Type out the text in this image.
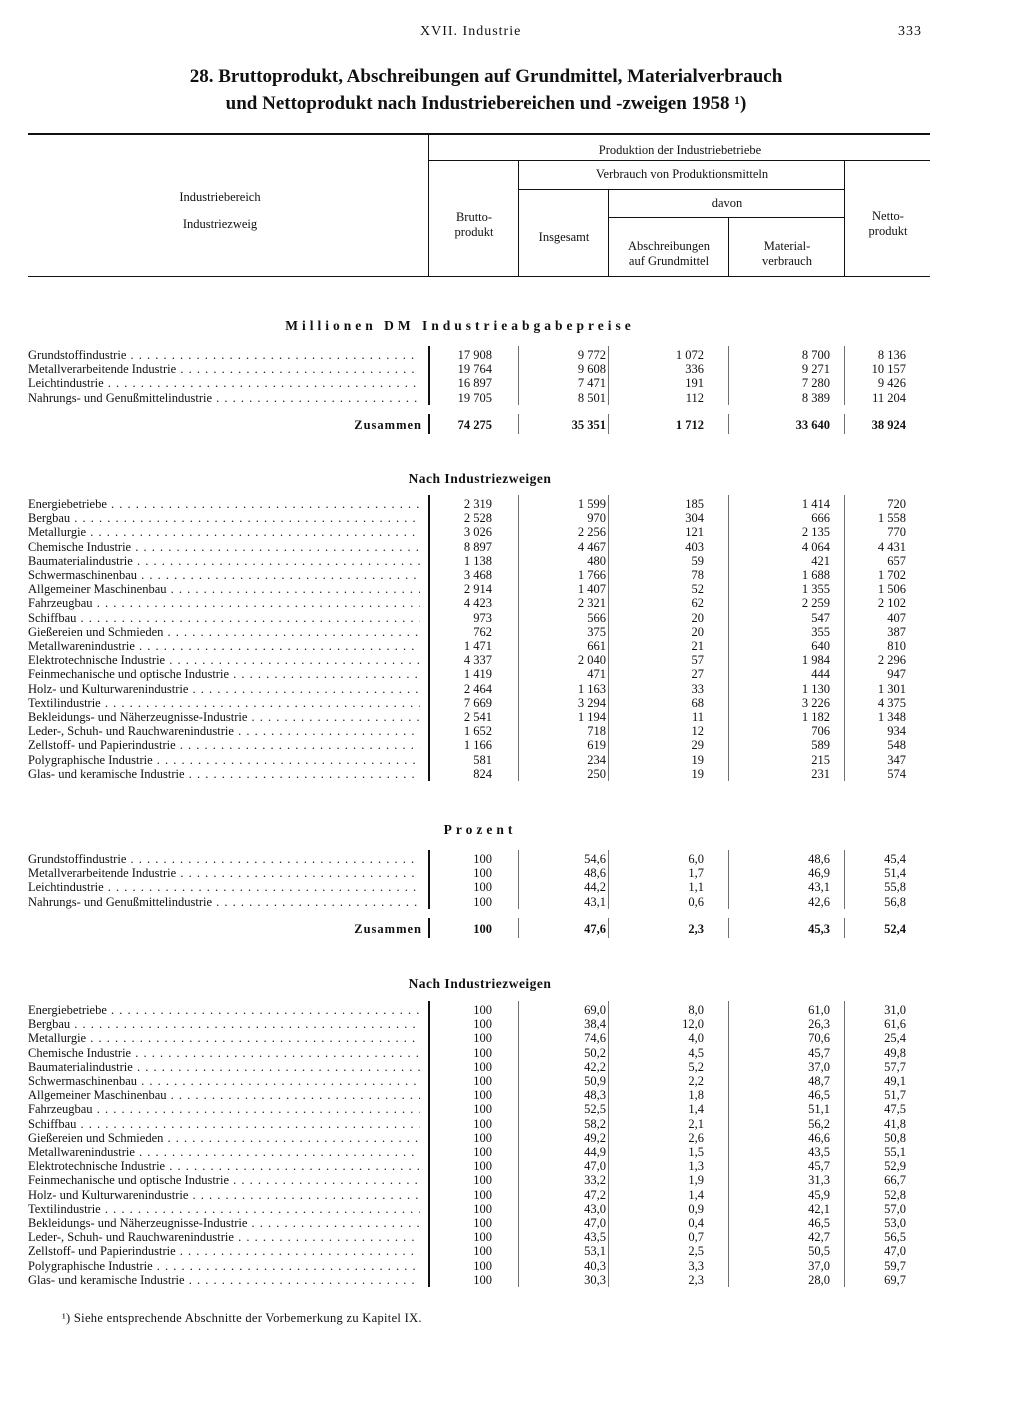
XVII. Industrie	333
28. Bruttoprodukt, Abschreibungen auf Grundmittel, Materialverbrauch
und Nettoprodukt nach Industriebereichen und -zweigen 1958 ¹)
Industriebereich
Industriezweig
Produktion der Industriebetriebe
Verbrauch von Produktionsmitteln
davon
Brutto-
produkt	Insgesamt
Abschreibungen
auf Grundmittel
Material-
verbrauch
Netto-
produkt
Millionen DM Industrieabgabepreise
Nach Industriezweigen
Prozent
Nach Industriezweigen
Grundstoffindustrie . . .	17 908	9 772	1 072	8 700	8 136
Metallverarbeitende Industrie . . .	19 764	9 608	336	9 271	10 157
Leichtindustrie . . .	16 897	7 471	191	7 280	9 426
Nahrungs- und Genußmittelindustrie . . .	19 705	8 501	112	8 389	11 204
Zusammen	74 275	35 351	1 712	33 640	38 924
Energiebetriebe . . .	2 319	1 599	185	1 414	720
Bergbau . . .	2 528	970	304	666	1 558
Metallurgie . . .	3 026	2 256	121	2 135	770
Chemische Industrie . . .	8 897	4 467	403	4 064	4 431
Baumaterialindustrie . . .	1 138	480	59	421	657
Schwermaschinenbau . . .	3 468	1 766	78	1 688	1 702
Allgemeiner Maschinenbau . . .	2 914	1 407	52	1 355	1 506
Fahrzeugbau . . .	4 423	2 321	62	2 259	2 102
Schiffbau . . .	973	566	20	547	407
Gießereien und Schmieden . . .	762	375	20	355	387
Metallwarenindustrie . . .	1 471	661	21	640	810
Elektrotechnische Industrie . . .	4 337	2 040	57	1 984	2 296
Feinmechanische und optische Industrie . . .	1 419	471	27	444	947
Holz- und Kulturwarenindustrie . . .	2 464	1 163	33	1 130	1 301
Textilindustrie . . .	7 669	3 294	68	3 226	4 375
Bekleidungs- und Näherzeugnisse-Industrie . . .	2 541	1 194	11	1 182	1 348
Leder-, Schuh- und Rauchwarenindustrie . . .	1 652	718	12	706	934
Zellstoff- und Papierindustrie . . .	1 166	619	29	589	548
Polygraphische Industrie . . .	581	234	19	215	347
Glas- und keramische Industrie . . .	824	250	19	231	574
Grundstoffindustrie . . .	100	54,6	6,0	48,6	45,4
Metallverarbeitende Industrie . . .	100	48,6	1,7	46,9	51,4
Leichtindustrie . . .	100	44,2	1,1	43,1	55,8
Nahrungs- und Genußmittelindustrie . . .	100	43,1	0,6	42,6	56,8
Zusammen	100	47,6	2,3	45,3	52,4
Energiebetriebe . . .	100	69,0	8,0	61,0	31,0
Bergbau . . .	100	38,4	12,0	26,3	61,6
Metallurgie . . .	100	74,6	4,0	70,6	25,4
Chemische Industrie . . .	100	50,2	4,5	45,7	49,8
Baumaterialindustrie . . .	100	42,2	5,2	37,0	57,7
Schwermaschinenbau . . .	100	50,9	2,2	48,7	49,1
Allgemeiner Maschinenbau . . .	100	48,3	1,8	46,5	51,7
Fahrzeugbau . . .	100	52,5	1,4	51,1	47,5
Schiffbau . . .	100	58,2	2,1	56,2	41,8
Gießereien und Schmieden . . .	100	49,2	2,6	46,6	50,8
Metallwarenindustrie . . .	100	44,9	1,5	43,5	55,1
Elektrotechnische Industrie . . .	100	47,0	1,3	45,7	52,9
Feinmechanische und optische Industrie . . .	100	33,2	1,9	31,3	66,7
Holz- und Kulturwarenindustrie . . .	100	47,2	1,4	45,9	52,8
Textilindustrie . . .	100	43,0	0,9	42,1	57,0
Bekleidungs- und Näherzeugnisse-Industrie . . .	100	47,0	0,4	46,5	53,0
Leder-, Schuh- und Rauchwarenindustrie . . .	100	43,5	0,7	42,7	56,5
Zellstoff- und Papierindustrie . . .	100	53,1	2,5	50,5	47,0
Polygraphische Industrie . . .	100	40,3	3,3	37,0	59,7
Glas- und keramische Industrie . . .	100	30,3	2,3	28,0	69,7
¹) Siehe entsprechende Abschnitte der Vorbemerkung zu Kapitel IX.
